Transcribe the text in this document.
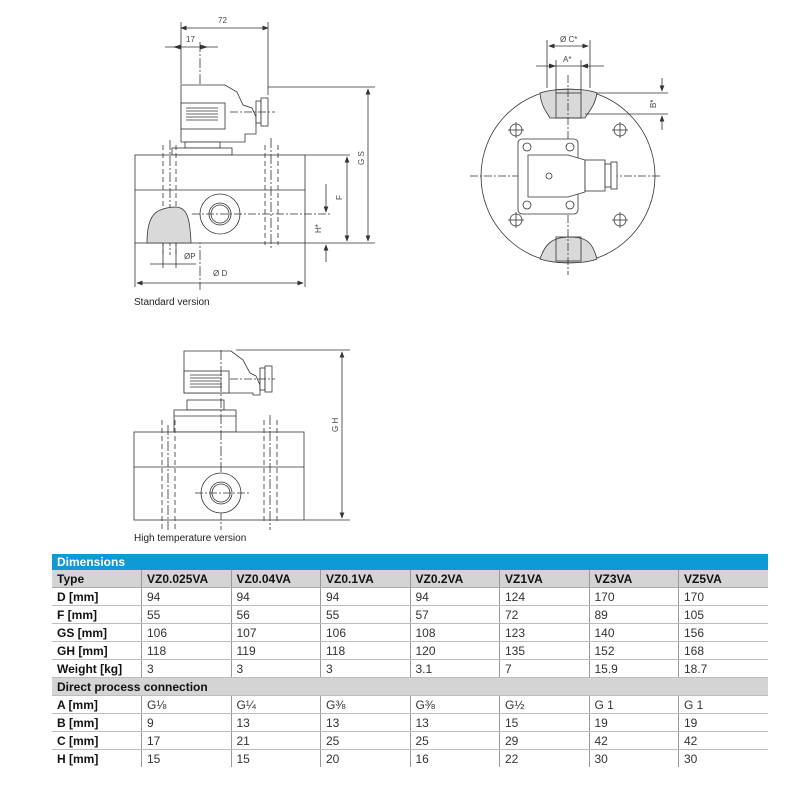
72
17
F
G S
H*
ØP
Ø D
Ø C*
A*
B*
G H
Standard version
High temperature version
Dimensions							
Type	VZ0.025VA	VZ0.04VA	VZ0.1VA	VZ0.2VA	VZ1VA	VZ3VA	VZ5VA
D [mm]	94	94	94	94	124	170	170
F [mm]	55	56	55	57	72	89	105
GS [mm]	106	107	106	108	123	140	156
GH [mm]	118	119	118	120	135	152	168
Weight [kg]	3	3	3	3.1	7	15.9	18.7
Direct process connection							
A [mm]	G⅛	G¼	G⅜	G⅜	G½	G 1	G 1
B [mm]	9	13	13	13	15	19	19
C [mm]	17	21	25	25	29	42	42
H [mm]	15	15	20	16	22	30	30
